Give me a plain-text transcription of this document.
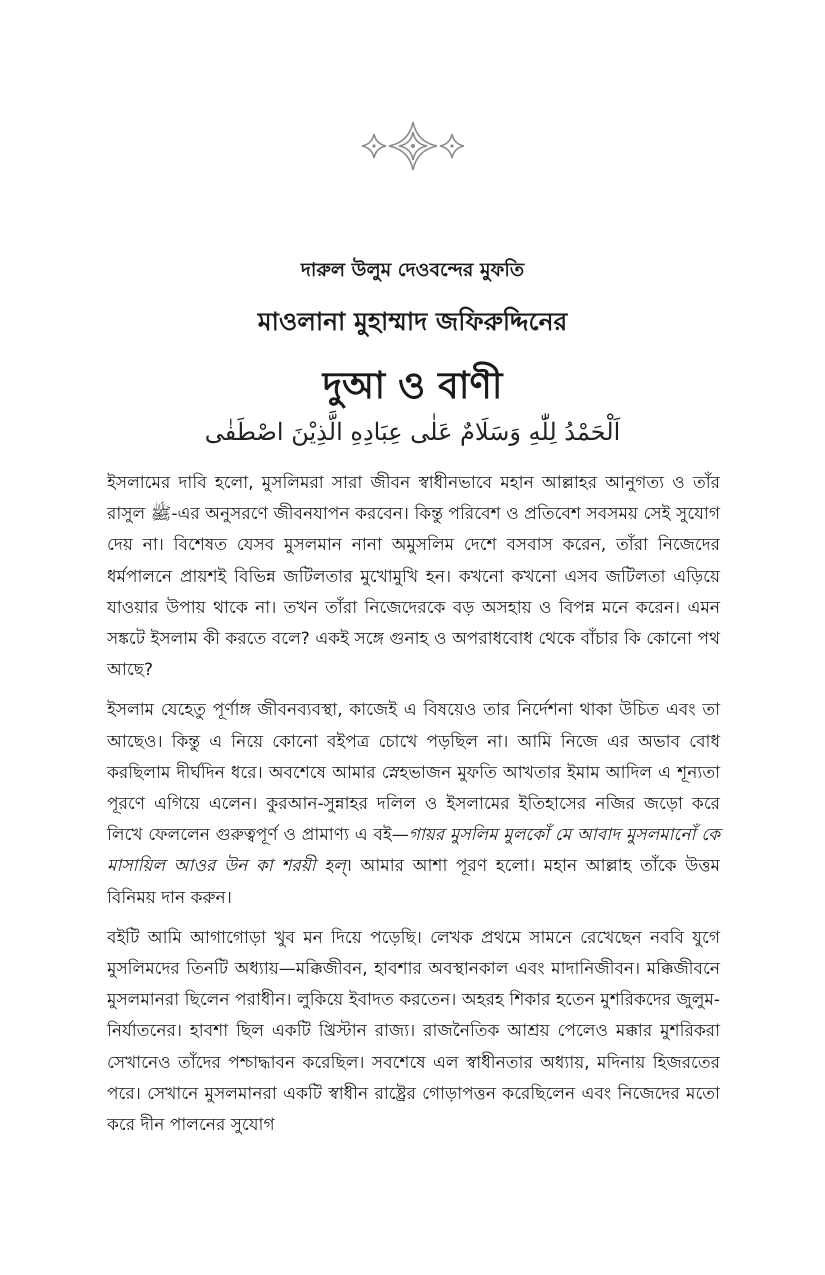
দারুল উলুম দেওবন্দের মুফতি
মাওলানা মুহাম্মাদ জফিরুদ্দিনের
দুআ ও বাণী
اَلْحَمْدُ لِلّٰهِ وَسَلَامٌ عَلٰى عِبَادِهِ الَّذِيْنَ اصْطَفٰى

ইসলামের দাবি হলো, মুসলিমরা সারা জীবন স্বাধীনভাবে মহান আল্লাহর আনুগত্য ও তাঁর রাসুল ﷺ-এর অনুসরণে জীবনযাপন করবেন। কিন্তু পরিবেশ ও প্রতিবেশ সবসময় সেই সুযোগ দেয় না। বিশেষত যেসব মুসলমান নানা অমুসলিম দেশে বসবাস করেন, তাঁরা নিজেদের ধর্মপালনে প্রায়শই বিভিন্ন জটিলতার মুখোমুখি হন। কখনো কখনো এসব জটিলতা এড়িয়ে যাওয়ার উপায় থাকে না। তখন তাঁরা নিজেদেরকে বড় অসহায় ও বিপন্ন মনে করেন। এমন সঙ্কটে ইসলাম কী করতে বলে? একই সঙ্গে গুনাহ ও অপরাধবোধ থেকে বাঁচার কি কোনো পথ আছে?

ইসলাম যেহেতু পূর্ণাঙ্গ জীবনব্যবস্থা, কাজেই এ বিষয়েও তার নির্দেশনা থাকা উচিত এবং তা আছেও। কিন্তু এ নিয়ে কোনো বইপত্র চোখে পড়ছিল না। আমি নিজে এর অভাব বোধ করছিলাম দীর্ঘদিন ধরে। অবশেষে আমার স্নেহভাজন মুফতি আখতার ইমাম আদিল এ শূন্যতা পূরণে এগিয়ে এলেন। কুরআন-সুন্নাহর দলিল ও ইসলামের ইতিহাসের নজির জড়ো করে লিখে ফেললেন গুরুত্বপূর্ণ ও প্রামাণ্য এ বই—গায়র মুসলিম মুলকোঁ মে আবাদ মুসলমানোঁ কে মাসায়িল আওর উন কা শরয়ী হল্। আমার আশা পূরণ হলো। মহান আল্লাহ তাঁকে উত্তম বিনিময় দান করুন।

বইটি আমি আগাগোড়া খুব মন দিয়ে পড়েছি। লেখক প্রথমে সামনে রেখেছেন নববি যুগে মুসলিমদের তিনটি অধ্যায়—মক্কিজীবন, হাবশার অবস্থানকাল এবং মাদানিজীবন। মক্কিজীবনে মুসলমানরা ছিলেন পরাধীন। লুকিয়ে ইবাদত করতেন। অহরহ শিকার হতেন মুশরিকদের জুলুম-নির্যাতনের। হাবশা ছিল একটি খ্রিস্টান রাজ্য। রাজনৈতিক আশ্রয় পেলেও মক্কার মুশরিকরা সেখানেও তাঁদের পশ্চাদ্ধাবন করেছিল। সবশেষে এল স্বাধীনতার অধ্যায়, মদিনায় হিজরতের পরে। সেখানে মুসলমানরা একটি স্বাধীন রাষ্ট্রের গোড়াপত্তন করেছিলেন এবং নিজেদের মতো করে দীন পালনের সুযোগ
